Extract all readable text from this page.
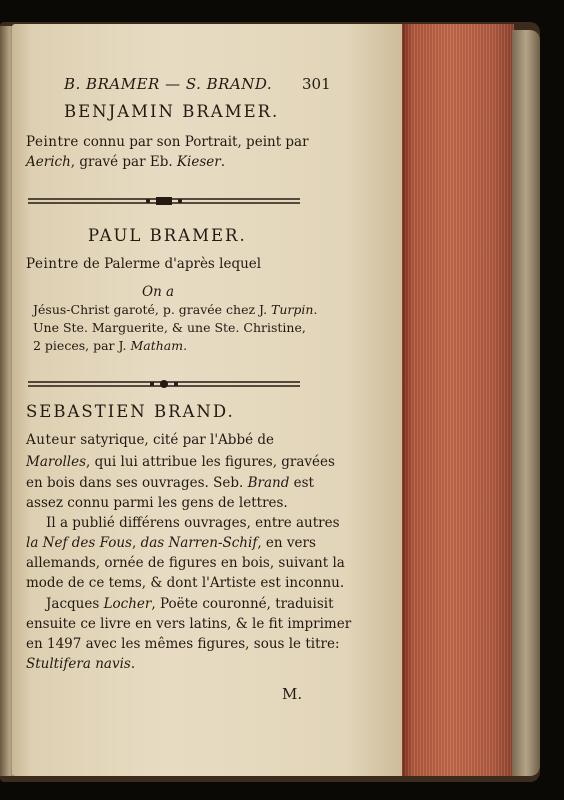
B. BRAMER — S. BRAND. 301
BENJAMIN BRAMER.
Peintre connu par son Portrait, peint par
Aerich, gravé par Eb. Kieser.
PAUL BRAMER.
Peintre de Palerme d'après lequel
On a
Jésus-Christ garoté, p. gravée chez J. Turpin.
Une Ste. Marguerite, & une Ste. Christine,
2 pieces, par J. Matham.
SEBASTIEN BRAND.
Auteur satyrique, cité par l'Abbé de
Marolles, qui lui attribue les figures, gravées
en bois dans ses ouvrages. Seb. Brand est
assez connu parmi les gens de lettres.
Il a publié différens ouvrages, entre autres
la Nef des Fous, das Narren-Schif, en vers
allemands, ornée de figures en bois, suivant la
mode de ce tems, & dont l'Artiste est inconnu.
Jacques Locher, Poëte couronné, traduisit
ensuite ce livre en vers latins, & le fit imprimer
en 1497 avec les mêmes figures, sous le titre:
Stultifera navis.
M.
